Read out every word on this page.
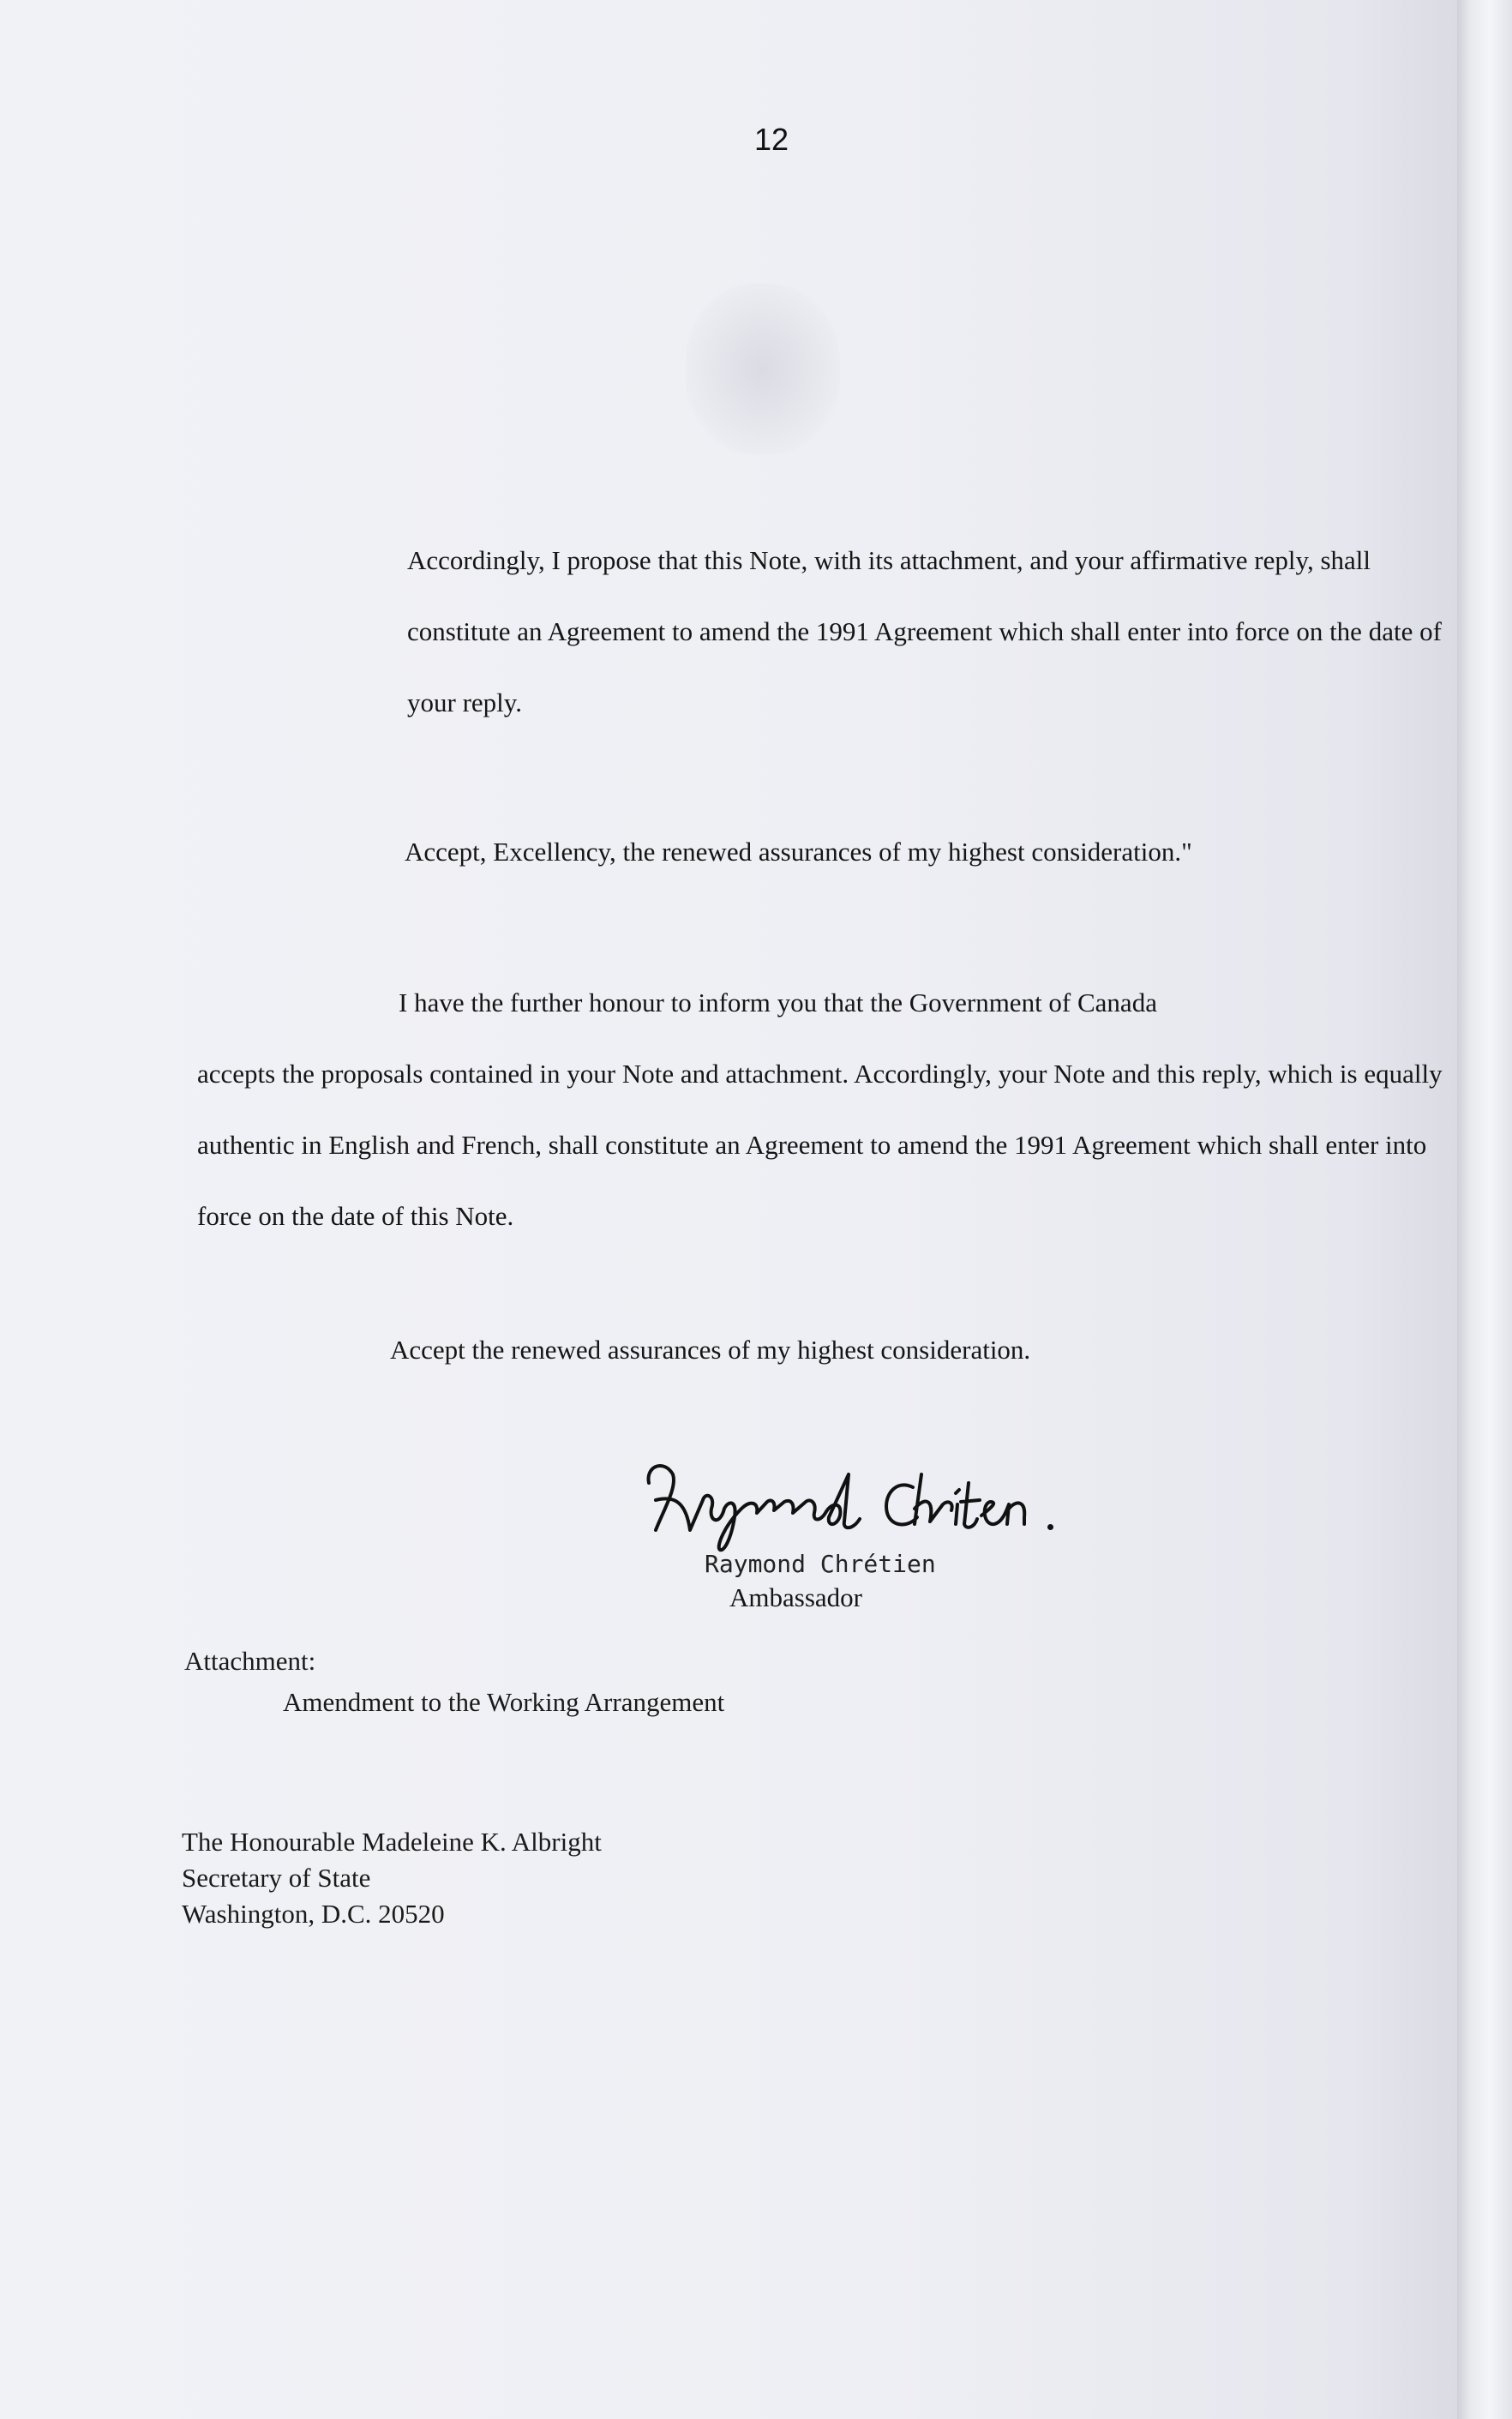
12
Accordingly, I propose that this Note, with its attachment, and your affirmative reply, shall constitute an Agreement to amend the 1991 Agreement which shall enter into force on the date of your reply.
Accept, Excellency, the renewed assurances of my highest consideration."
I have the further honour to inform you that the Government of Canada
accepts the proposals contained in your Note and attachment. Accordingly, your Note and this reply, which is equally authentic in English and French, shall constitute an Agreement to amend the 1991 Agreement which shall enter into force on the date of this Note.
Accept the renewed assurances of my highest consideration.
Raymond Chrétien
Ambassador
Attachment:
Amendment to the Working Arrangement
The Honourable Madeleine K. Albright
Secretary of State
Washington, D.C. 20520
